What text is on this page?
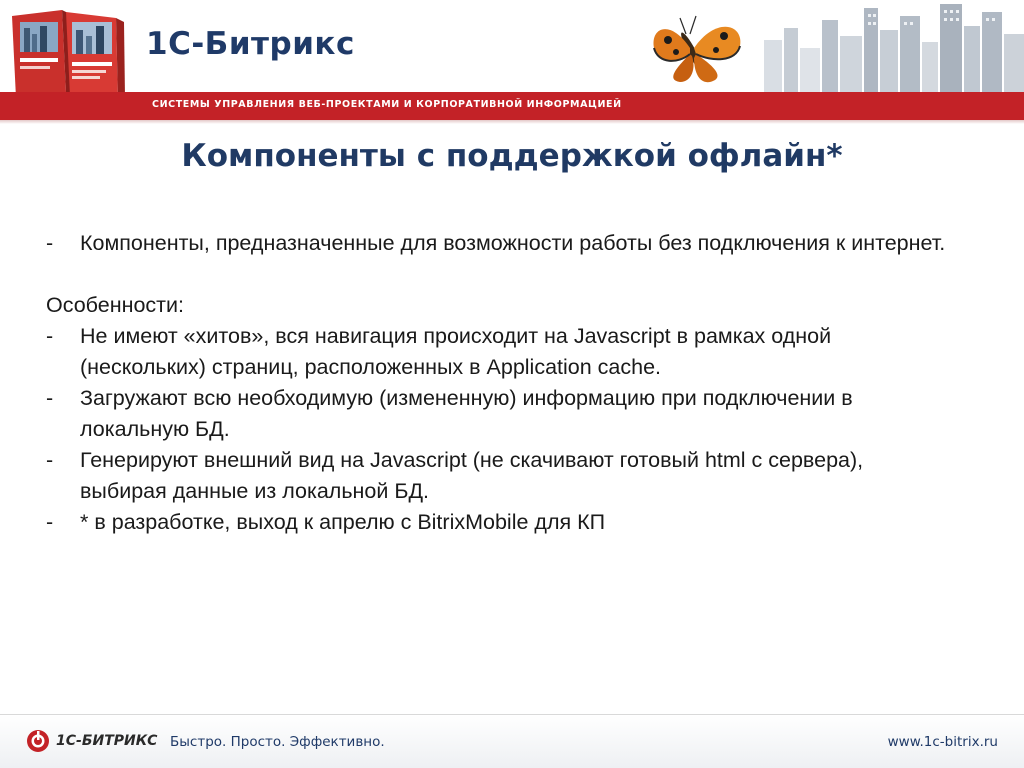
1С-Битрикс
СИСТЕМЫ УПРАВЛЕНИЯ ВЕБ-ПРОЕКТАМИ И КОРПОРАТИВНОЙ ИНФОРМАЦИЕЙ
Компоненты с поддержкой офлайн*
- Компоненты, предназначенные для возможности работы без подключения к интернет.
Особенности:
- Не имеют «хитов», вся навигация происходит на Javascript в рамках одной (нескольких) страниц, расположенных в Application cache.
- Загружают всю необходимую (измененную) информацию при подключении в локальную БД.
- Генерируют внешний вид на Javascript (не скачивают готовый html с сервера), выбирая данные из локальной БД.
- * в разработке, выход к апрелю с BitrixMobile для КП
1С-БИТРИКС Быстро. Просто. Эффективно.	www.1c-bitrix.ru
